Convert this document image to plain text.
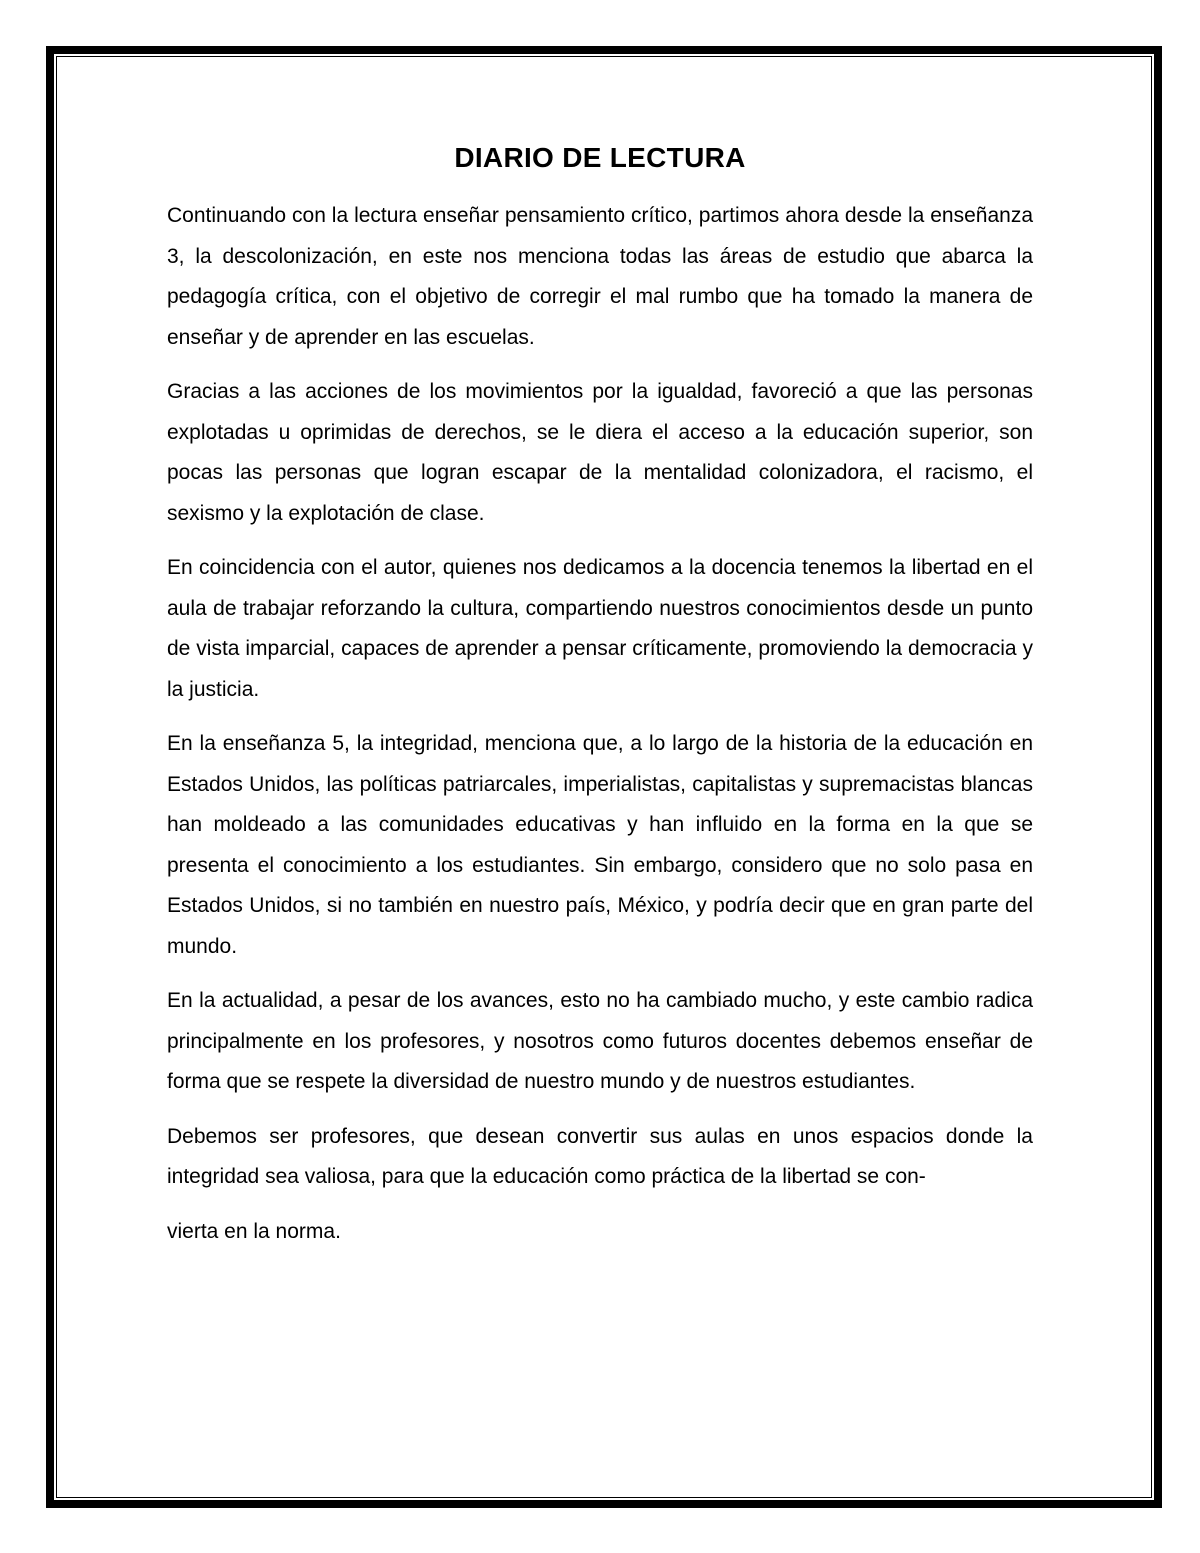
DIARIO DE LECTURA

Continuando con la lectura enseñar pensamiento crítico, partimos ahora desde la enseñanza 3, la descolonización, en este nos menciona todas las áreas de estudio que abarca la pedagogía crítica, con el objetivo de corregir el mal rumbo que ha tomado la manera de enseñar y de aprender en las escuelas.

Gracias a las acciones de los movimientos por la igualdad, favoreció a que las personas explotadas u oprimidas de derechos, se le diera el acceso a la educación superior, son pocas las personas que logran escapar de la mentalidad colonizadora, el racismo, el sexismo y la explotación de clase.

En coincidencia con el autor, quienes nos dedicamos a la docencia tenemos la libertad en el aula de trabajar reforzando la cultura, compartiendo nuestros conocimientos desde un punto de vista imparcial, capaces de aprender a pensar críticamente, promoviendo la democracia y la justicia.

En la enseñanza 5, la integridad, menciona que, a lo largo de la historia de la educación en Estados Unidos, las políticas patriarcales, imperialistas, capitalistas y supremacistas blancas han moldeado a las comunidades educativas y han influido en la forma en la que se presenta el conocimiento a los estudiantes. Sin embargo, considero que no solo pasa en Estados Unidos, si no también en nuestro país, México, y podría decir que en gran parte del mundo.

En la actualidad, a pesar de los avances, esto no ha cambiado mucho, y este cambio radica principalmente en los profesores, y nosotros como futuros docentes debemos enseñar de forma que se respete la diversidad de nuestro mundo y de nuestros estudiantes.

Debemos ser profesores, que desean convertir sus aulas en unos espacios donde la integridad sea valiosa, para que la educación como práctica de la libertad se con-

vierta en la norma.
